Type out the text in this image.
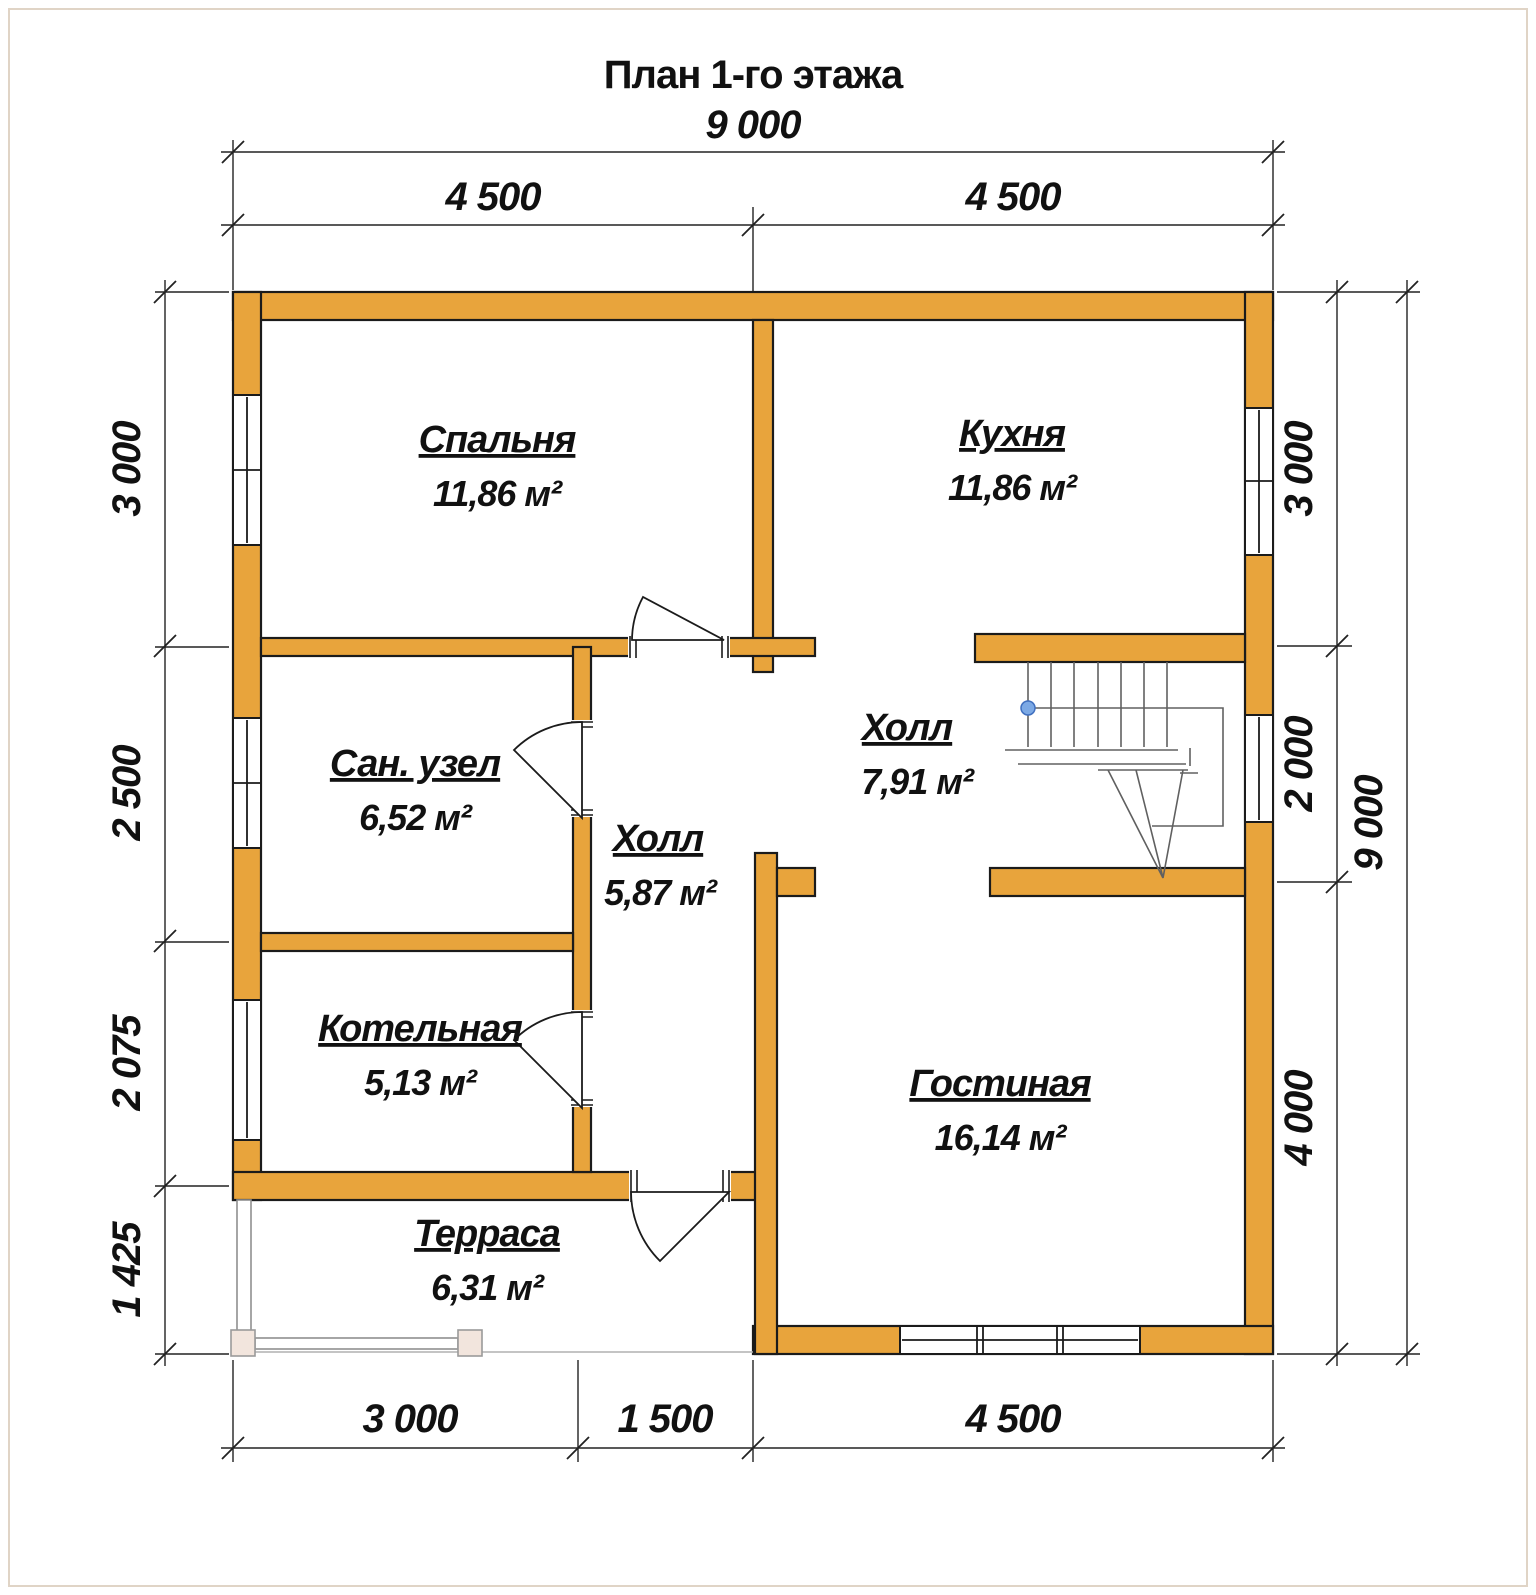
План 1-го этажа
9 000
4 500	4 500
3 000
2 500
2 075
1 425
3 000
2 000
4 000
9 000
3 000	1 500	4 500
Спальня
11,86 м²
Кухня
11,86 м²
Сан. узел
6,52 м²
Холл
5,87 м²
Холл
7,91 м²
Котельная
5,13 м²	Гостиная
16,14 м²
Терраса
6,31 м²
